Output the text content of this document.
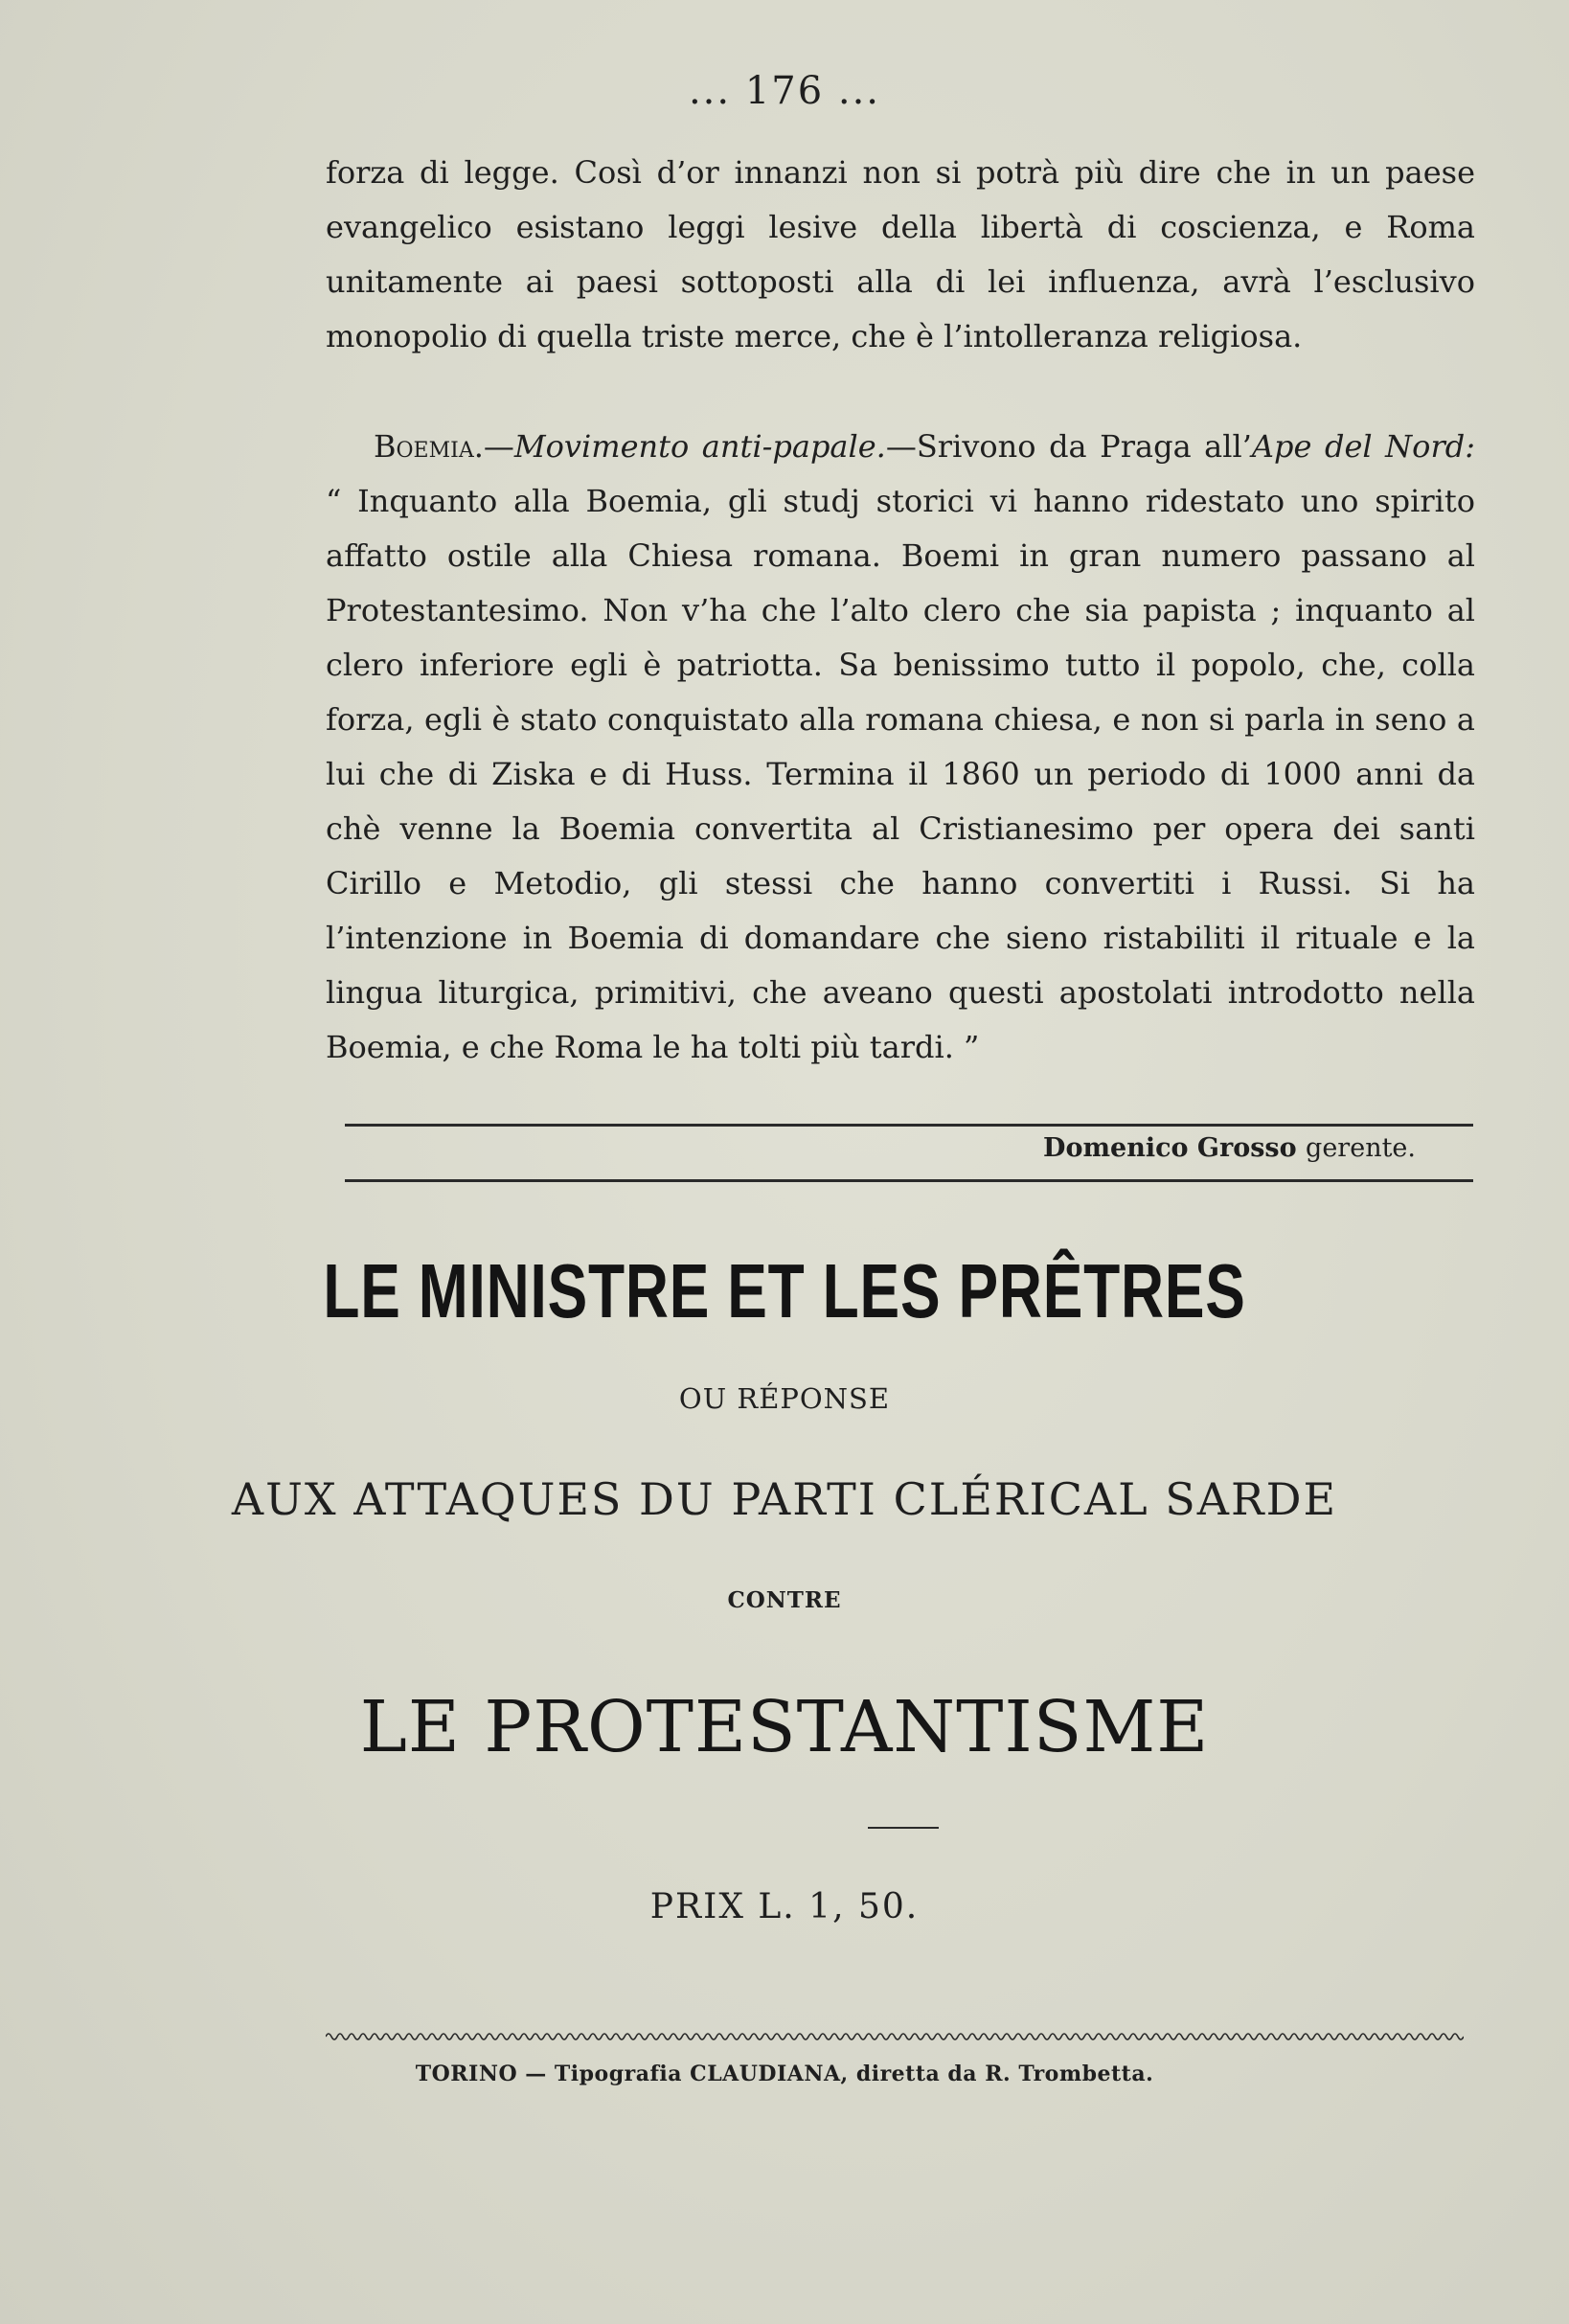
... 176 ...

forza di legge. Così d’or innanzi non si potrà più dire che in un paese evangelico esistano leggi lesive della libertà di coscienza, e Roma unitamente ai paesi sottoposti alla di lei influenza, avrà l’esclusivo monopolio di quella triste merce, che è l’intolleranza religiosa.

Boemia.—Movimento anti-papale.—Srivono da Praga all’Ape del Nord: “ Inquanto alla Boemia, gli studj storici vi hanno ridestato uno spirito affatto ostile alla Chiesa romana. Boemi in gran numero passano al Protestantesimo. Non v’ha che l’alto clero che sia papista ; inquanto al clero inferiore egli è patriotta. Sa benissimo tutto il popolo, che, colla forza, egli è stato conquistato alla romana chiesa, e non si parla in seno a lui che di Ziska e di Huss. Termina il 1860 un periodo di 1000 anni da chè venne la Boemia convertita al Cristianesimo per opera dei santi Cirillo e Metodio, gli stessi che hanno convertiti i Russi. Si ha l’intenzione in Boemia di domandare che sieno ristabiliti il rituale e la lingua liturgica, primitivi, che aveano questi apostolati introdotto nella Boemia, e che Roma le ha tolti più tardi. ”

Domenico Grosso gerente.
LE MINISTRE ET LES PRÊTRES
OU RÉPONSE
AUX ATTAQUES DU PARTI CLÉRICAL SARDE
CONTRE
LE PROTESTANTISME
PRIX L. 1, 50.
TORINO — Tipografia CLAUDIANA, diretta da R. Trombetta.
